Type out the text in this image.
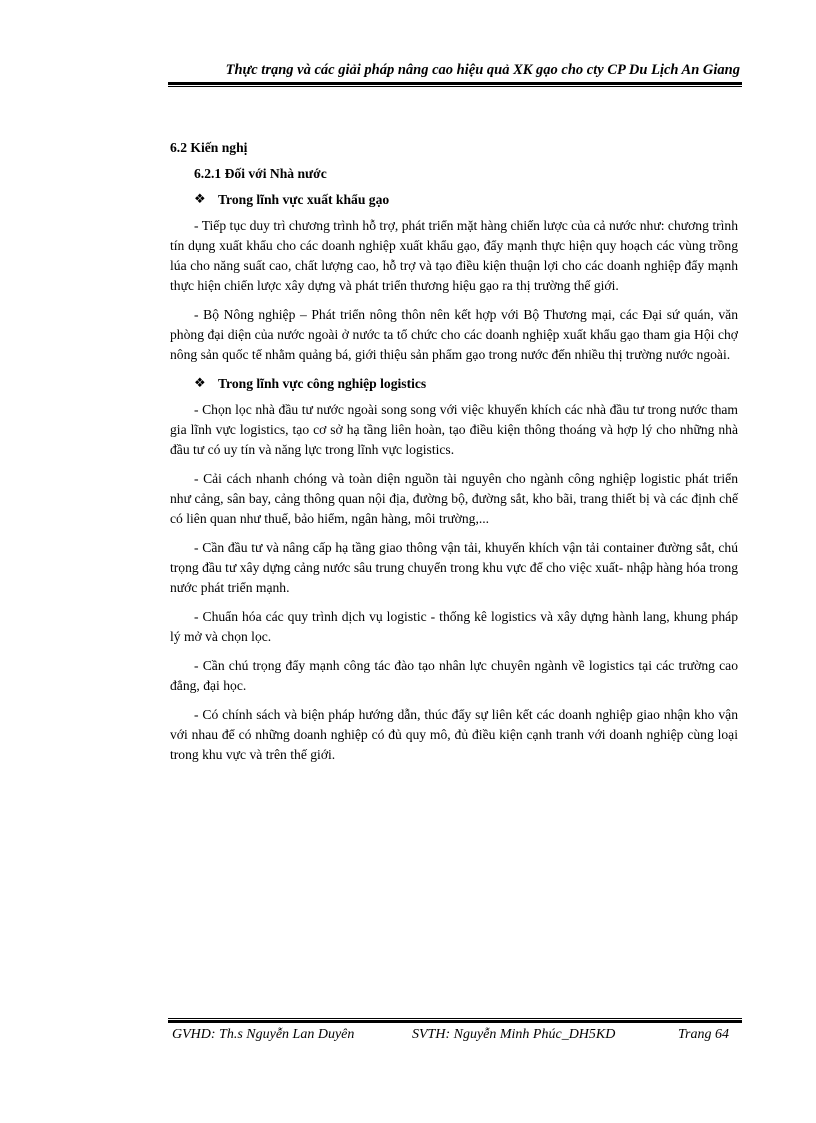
Thực trạng và các giải pháp nâng cao hiệu quả XK gạo cho cty CP Du Lịch An Giang
6.2 Kiến nghị
6.2.1 Đối với Nhà nước
❖ Trong lĩnh vực xuất khẩu gạo

- Tiếp tục duy trì chương trình hỗ trợ, phát triển mặt hàng chiến lược của cả nước như: chương trình tín dụng xuất khẩu cho các doanh nghiệp xuất khẩu gạo, đẩy mạnh thực hiện quy hoạch các vùng trồng lúa cho năng suất cao, chất lượng cao, hỗ trợ và tạo điều kiện thuận lợi cho các doanh nghiệp đẩy mạnh thực hiện chiến lược xây dựng và phát triển thương hiệu gạo ra thị trường thế giới.

- Bộ Nông nghiệp – Phát triển nông thôn nên kết hợp với Bộ Thương mại, các Đại sứ quán, văn phòng đại diện của nước ngoài ở nước ta tổ chức cho các doanh nghiệp xuất khẩu gạo tham gia Hội chợ nông sản quốc tế nhằm quảng bá, giới thiệu sản phẩm gạo trong nước đến nhiều thị trường nước ngoài.

❖ Trong lĩnh vực công nghiệp logistics

- Chọn lọc nhà đầu tư nước ngoài song song với việc khuyến khích các nhà đầu tư trong nước tham gia lĩnh vực logistics, tạo cơ sở hạ tầng liên hoàn, tạo điều kiện thông thoáng và hợp lý cho những nhà đầu tư có uy tín và năng lực trong lĩnh vực logistics.

- Cải cách nhanh chóng và toàn diện nguồn tài nguyên cho ngành công nghiệp logistic phát triển như cảng, sân bay, cảng thông quan nội địa, đường bộ, đường sắt, kho bãi, trang thiết bị và các định chế có liên quan như thuế, bảo hiểm, ngân hàng, môi trường,...

- Cần đầu tư và nâng cấp hạ tầng giao thông vận tải, khuyến khích vận tải container đường sắt, chú trọng đầu tư xây dựng cảng nước sâu trung chuyển trong khu vực để cho việc xuất- nhập hàng hóa trong nước phát triển mạnh.

- Chuẩn hóa các quy trình dịch vụ logistic - thống kê logistics và xây dựng hành lang, khung pháp lý mở và chọn lọc.

- Cần chú trọng đẩy mạnh công tác đào tạo nhân lực chuyên ngành về logistics tại các trường cao đẳng, đại học.

- Có chính sách và biện pháp hướng dẫn, thúc đẩy sự liên kết các doanh nghiệp giao nhận kho vận với nhau để có những doanh nghiệp có đủ quy mô, đủ điều kiện cạnh tranh với doanh nghiệp cùng loại trong khu vực và trên thế giới.

GVHD: Th.s Nguyễn Lan Duyên	SVTH: Nguyễn Minh Phúc_DH5KD	Trang 64
